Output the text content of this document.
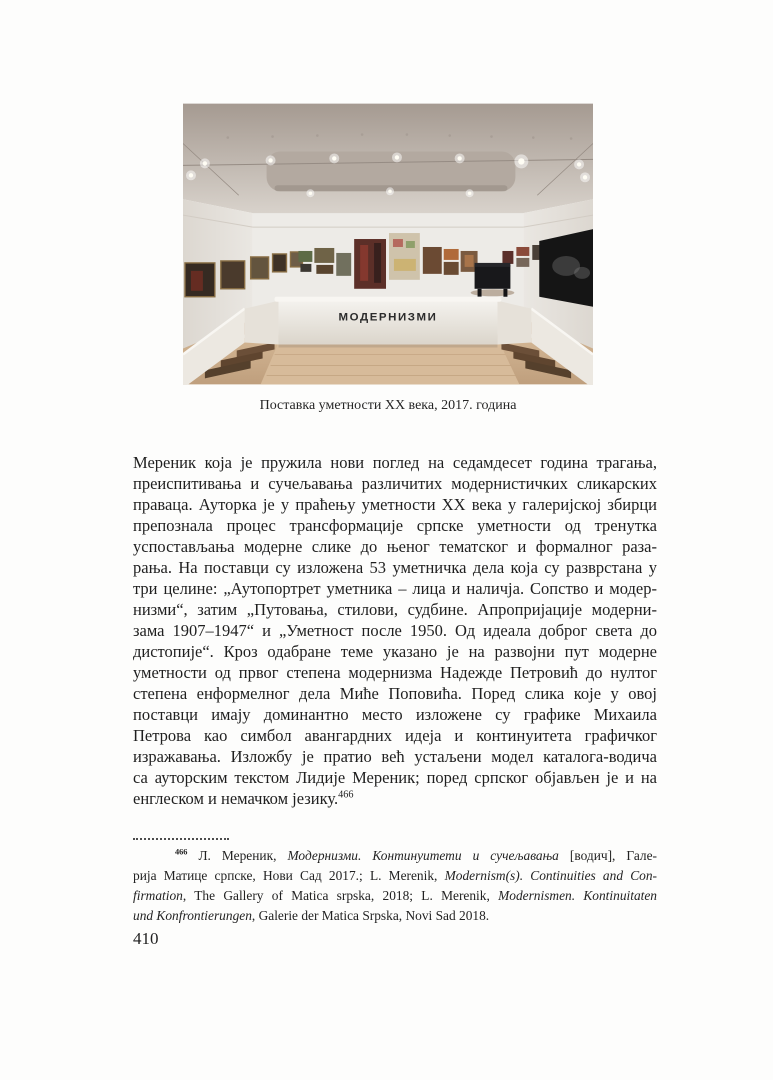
МОДЕРНИЗМИ
Поставка уметности XX века, 2017. година
Мереник која је пружила нови поглед на седамдесет година трагања,
преиспитивања и сучељавања различитих модернистичких сликарских
праваца. Ауторка је у праћењу уметности XX века у галеријској збирци
препознала процес трансформације српске уметности од тренутка
успостављања модерне слике до њеног тематског и формалног раза-
рања. На поставци су изложена 53 уметничка дела која су разврстана у
три целине: „Аутопортрет уметника – лица и наличја. Сопство и модер-
низми“, затим „Путовања, стилови, судбине. Апропријације модерни-
зама 1907–1947“ и „Уметност после 1950. Од идеала доброг света до
дистопије“. Кроз одабране теме указано је на развојни пут модерне
уметности од првог степена модернизма Надежде Петровић до нултог
степена енформелног дела Миће Поповића. Поред слика које у овој
поставци имају доминантно место изложене су графике Михаила
Петрова као симбол авангардних идеја и континуитета графичког
изражавања. Изложбу је пратио већ устаљени модел каталога-водича
са ауторским текстом Лидије Мереник; поред српског објављен је и на
енглеском и немачком језику.$^{466}$
$^{466}$ Л. Мереник, Модернизми. Континуитети и сучељавања [водич], Гале-
рија Матице српске, Нови Сад 2017.; L. Merenik, Modernism(s). Continuities and Con-
firmation, The Gallery of Matica srpska, 2018; L. Merenik, Modernismen. Kontinuitaten
und Konfrontierungen, Galerie der Matica Srpska, Novi Sad 2018.
410
